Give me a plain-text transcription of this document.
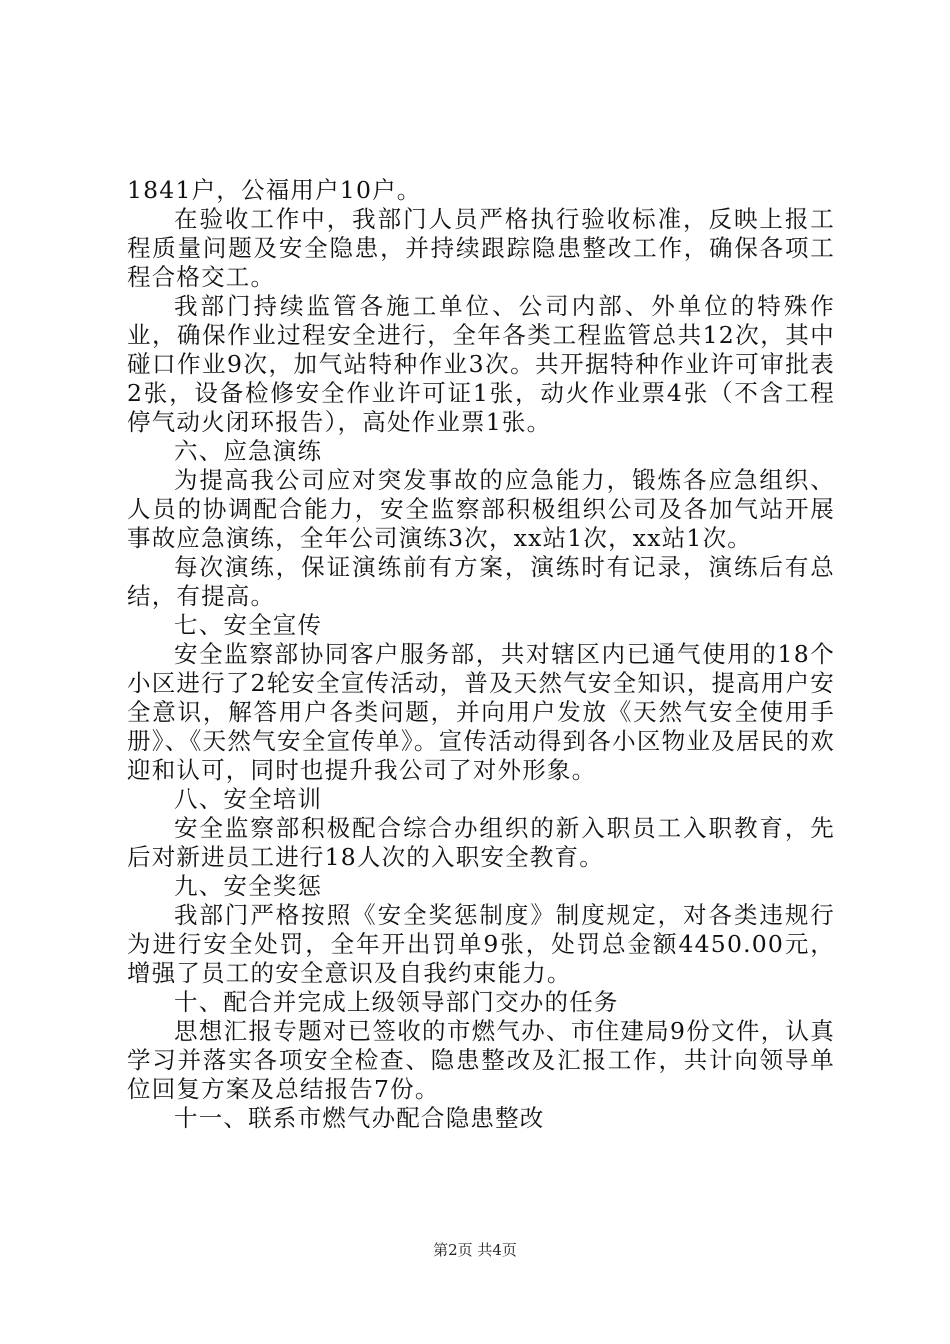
1841户，公福用户10户。

在验收工作中，我部门人员严格执行验收标准，反映上报工程质量问题及安全隐患，并持续跟踪隐患整改工作，确保各项工程合格交工。

我部门持续监管各施工单位、公司内部、外单位的特殊作业，确保作业过程安全进行，全年各类工程监管总共12次，其中碰口作业9次，加气站特种作业3次。共开据特种作业许可审批表2张，设备检修安全作业许可证1张，动火作业票4张（不含工程停气动火闭环报告），高处作业票1张。

六、应急演练

为提高我公司应对突发事故的应急能力，锻炼各应急组织、人员的协调配合能力，安全监察部积极组织公司及各加气站开展事故应急演练，全年公司演练3次，xx站1次，xx站1次。

每次演练，保证演练前有方案，演练时有记录，演练后有总结，有提高。

七、安全宣传

安全监察部协同客户服务部，共对辖区内已通气使用的18个小区进行了2轮安全宣传活动，普及天然气安全知识，提高用户安全意识，解答用户各类问题，并向用户发放《天然气安全使用手册》、《天然气安全宣传单》。宣传活动得到各小区物业及居民的欢迎和认可，同时也提升我公司了对外形象。

八、安全培训

安全监察部积极配合综合办组织的新入职员工入职教育，先后对新进员工进行18人次的入职安全教育。

九、安全奖惩

我部门严格按照《安全奖惩制度》制度规定，对各类违规行为进行安全处罚，全年开出罚单9张，处罚总金额4450.00元，增强了员工的安全意识及自我约束能力。

十、配合并完成上级领导部门交办的任务

思想汇报专题对已签收的市燃气办、市住建局9份文件，认真学习并落实各项安全检查、隐患整改及汇报工作，共计向领导单位回复方案及总结报告7份。

十一、联系市燃气办配合隐患整改

第2页 共4页
